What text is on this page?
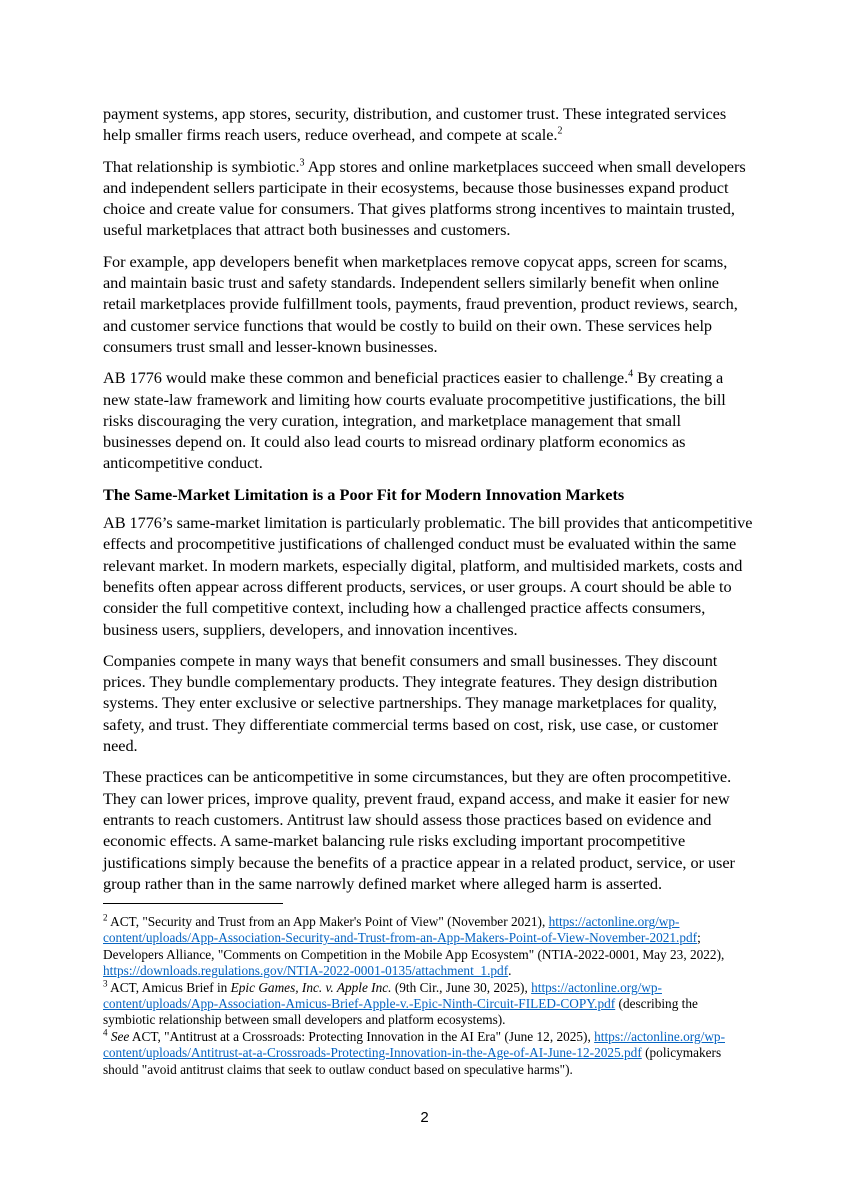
payment systems, app stores, security, distribution, and customer trust. These integrated services help smaller firms reach users, reduce overhead, and compete at scale.$^2$

That relationship is symbiotic.$^3$ App stores and online marketplaces succeed when small developers and independent sellers participate in their ecosystems, because those businesses expand product choice and create value for consumers. That gives platforms strong incentives to maintain trusted, useful marketplaces that attract both businesses and customers.

For example, app developers benefit when marketplaces remove copycat apps, screen for scams, and maintain basic trust and safety standards. Independent sellers similarly benefit when online retail marketplaces provide fulfillment tools, payments, fraud prevention, product reviews, search, and customer service functions that would be costly to build on their own. These services help consumers trust small and lesser-known businesses.

AB 1776 would make these common and beneficial practices easier to challenge.$^4$ By creating a new state-law framework and limiting how courts evaluate procompetitive justifications, the bill risks discouraging the very curation, integration, and marketplace management that small businesses depend on. It could also lead courts to misread ordinary platform economics as anticompetitive conduct.

The Same-Market Limitation is a Poor Fit for Modern Innovation Markets

AB 1776’s same-market limitation is particularly problematic. The bill provides that anticompetitive effects and procompetitive justifications of challenged conduct must be evaluated within the same relevant market. In modern markets, especially digital, platform, and multisided markets, costs and benefits often appear across different products, services, or user groups. A court should be able to consider the full competitive context, including how a challenged practice affects consumers, business users, suppliers, developers, and innovation incentives.

Companies compete in many ways that benefit consumers and small businesses. They discount prices. They bundle complementary products. They integrate features. They design distribution systems. They enter exclusive or selective partnerships. They manage marketplaces for quality, safety, and trust. They differentiate commercial terms based on cost, risk, use case, or customer need.

These practices can be anticompetitive in some circumstances, but they are often procompetitive. They can lower prices, improve quality, prevent fraud, expand access, and make it easier for new entrants to reach customers. Antitrust law should assess those practices based on evidence and economic effects. A same-market balancing rule risks excluding important procompetitive justifications simply because the benefits of a practice appear in a related product, service, or user group rather than in the same narrowly defined market where alleged harm is asserted.

$^2$ ACT, "Security and Trust from an App Maker's Point of View" (November 2021), https://actonline.org/wp-content/uploads/App-Association-Security-and-Trust-from-an-App-Makers-Point-of-View-November-2021.pdf; Developers Alliance, "Comments on Competition in the Mobile App Ecosystem" (NTIA-2022-0001, May 23, 2022), https://downloads.regulations.gov/NTIA-2022-0001-0135/attachment_1.pdf.

$^3$ ACT, Amicus Brief in Epic Games, Inc. v. Apple Inc. (9th Cir., June 30, 2025), https://actonline.org/wp-content/uploads/App-Association-Amicus-Brief-Apple-v.-Epic-Ninth-Circuit-FILED-COPY.pdf (describing the symbiotic relationship between small developers and platform ecosystems).

$^4$ See ACT, "Antitrust at a Crossroads: Protecting Innovation in the AI Era" (June 12, 2025), https://actonline.org/wp-content/uploads/Antitrust-at-a-Crossroads-Protecting-Innovation-in-the-Age-of-AI-June-12-2025.pdf (policymakers should "avoid antitrust claims that seek to outlaw conduct based on speculative harms").

2
